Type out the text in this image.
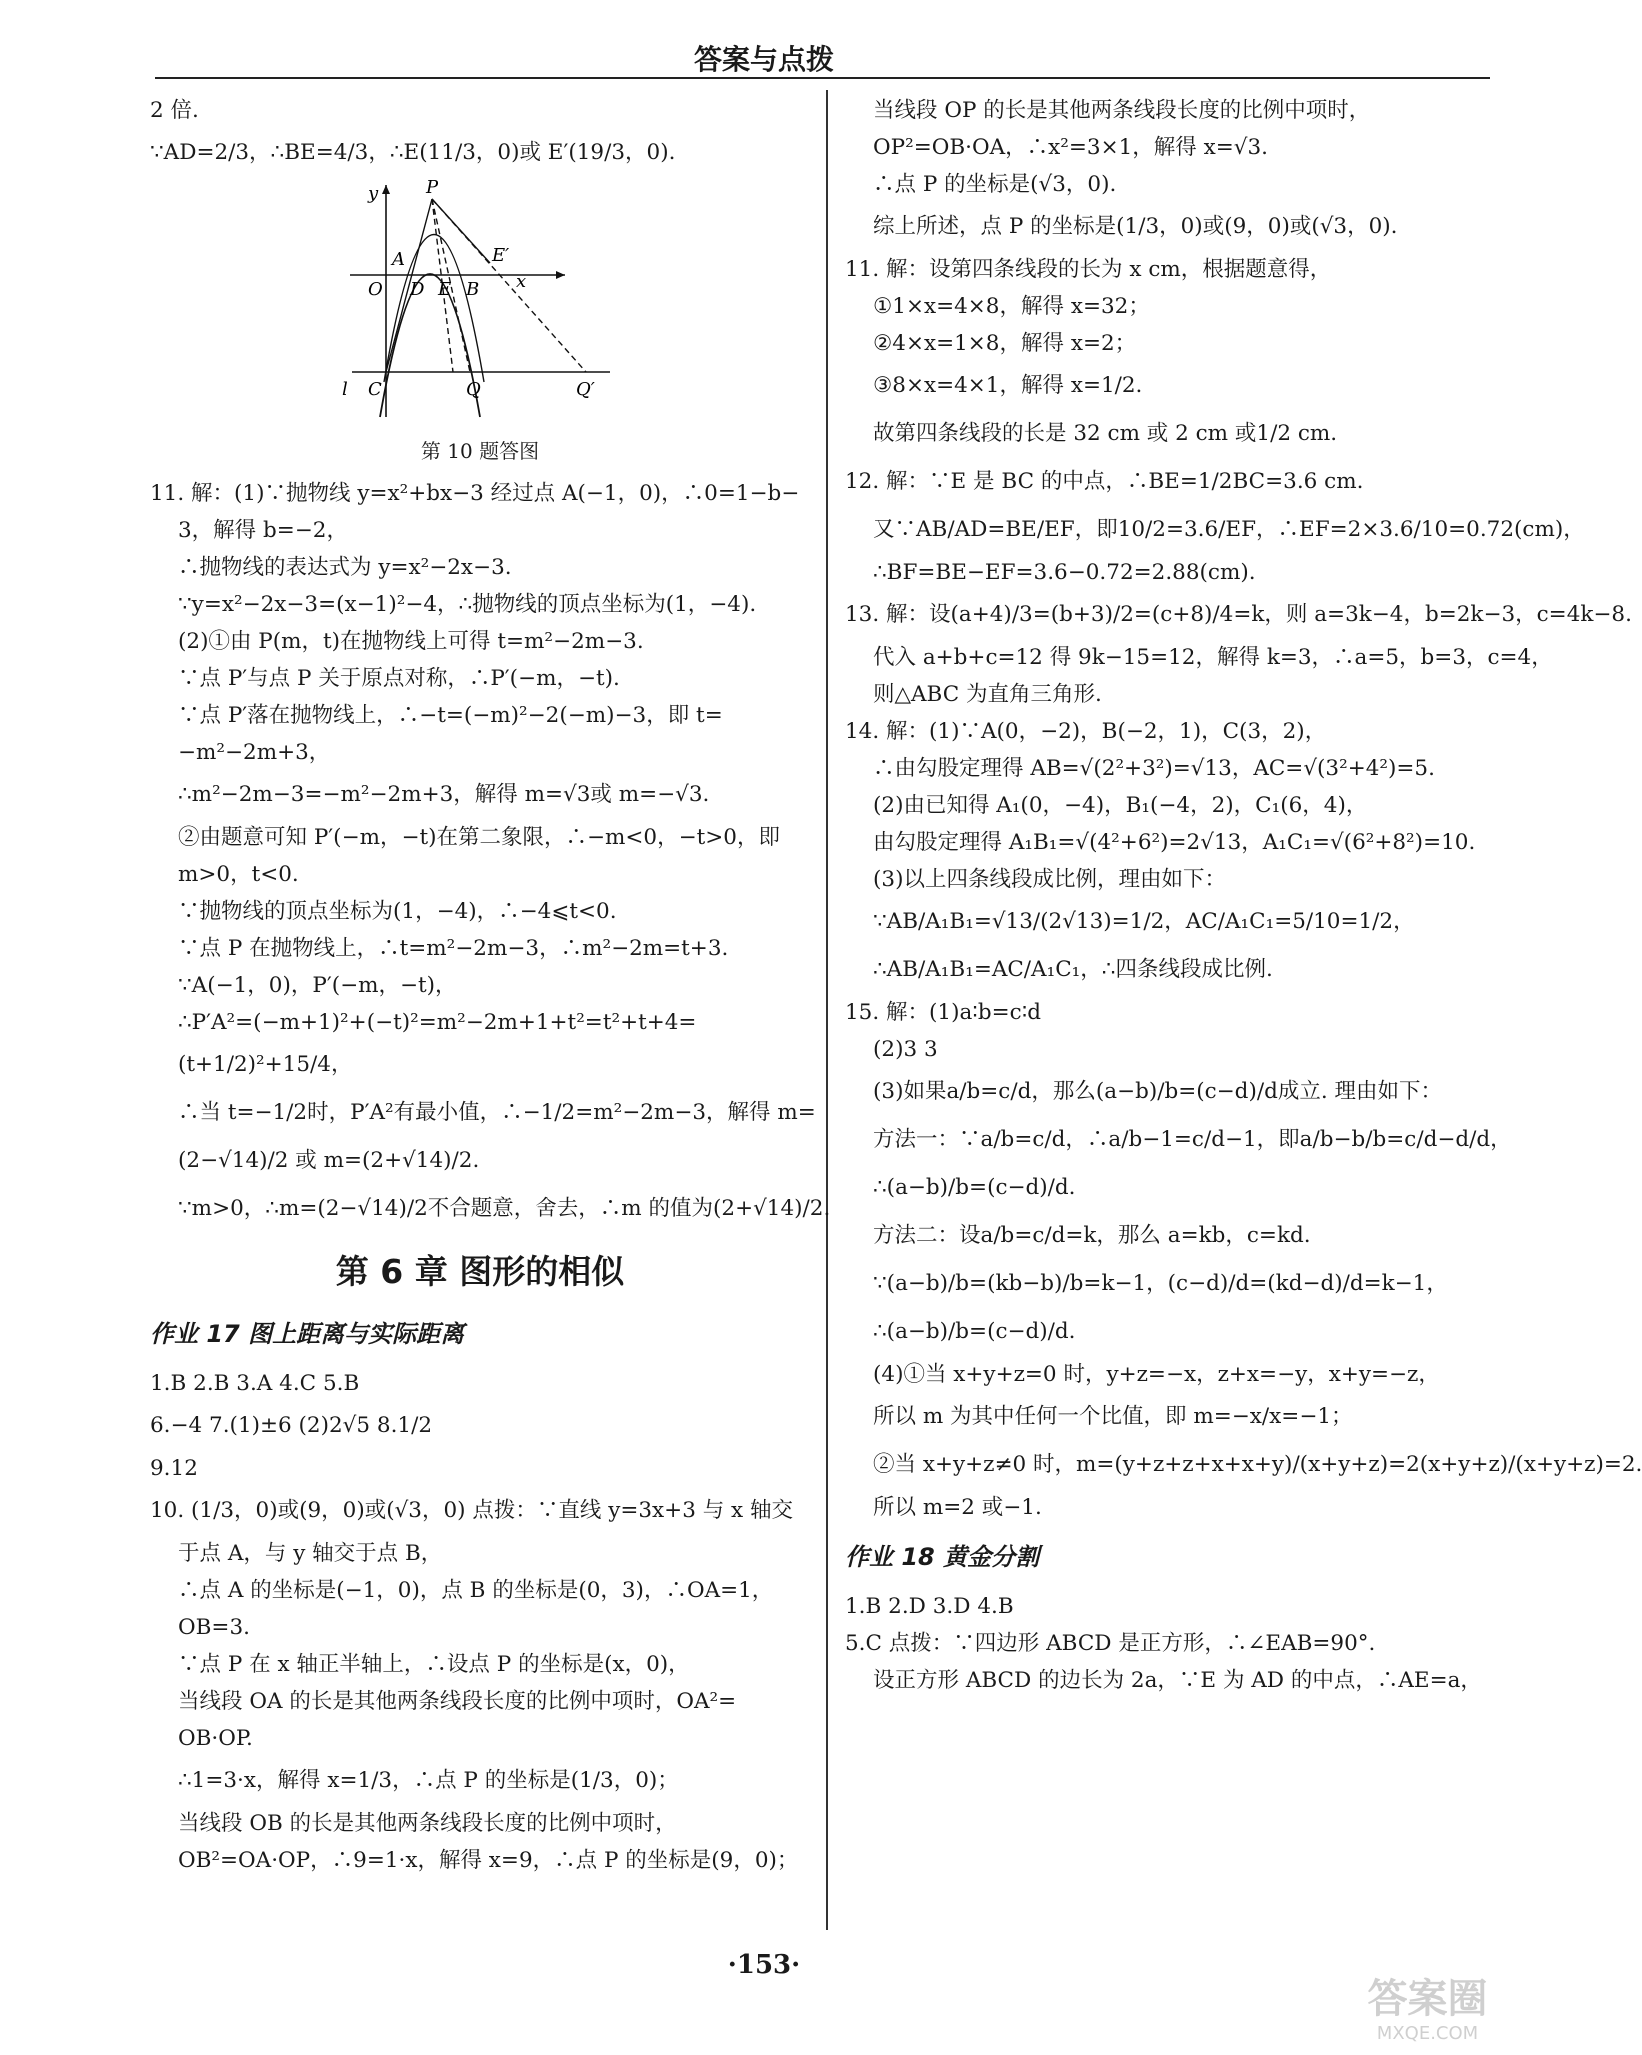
答案与点拨
2 倍.
∵AD=2/3，∴BE=4/3，∴E(11/3，0)或 E′(19/3，0).
y	P
A	E′
O D E B x
l C	Q	Q′
第 10 题答图
11. 解：(1)∵抛物线 y=x²+bx−3 经过点 A(−1，0)，∴0=1−b−
3，解得 b=−2，
∴抛物线的表达式为 y=x²−2x−3.
∵y=x²−2x−3=(x−1)²−4，∴抛物线的顶点坐标为(1，−4).
(2)①由 P(m，t)在抛物线上可得 t=m²−2m−3.
∵点 P′与点 P 关于原点对称，∴P′(−m，−t).
∵点 P′落在抛物线上，∴−t=(−m)²−2(−m)−3，即 t=
−m²−2m+3，
∴m²−2m−3=−m²−2m+3，解得 m=√3或 m=−√3.
②由题意可知 P′(−m，−t)在第二象限，∴−m<0，−t>0，即
m>0，t<0.
∵抛物线的顶点坐标为(1，−4)，∴−4⩽t<0.
∵点 P 在抛物线上，∴t=m²−2m−3，∴m²−2m=t+3.
∵A(−1，0)，P′(−m，−t)，
∴P′A²=(−m+1)²+(−t)²=m²−2m+1+t²=t²+t+4=
(t+1/2)²+15/4，
∴当 t=−1/2时，P′A²有最小值，∴−1/2=m²−2m−3，解得 m=
(2−√14)/2 或 m=(2+√14)/2.
∵m>0，∴m=(2−√14)/2不合题意，舍去，∴m 的值为(2+√14)/2.
第 6 章 图形的相似
作业 17 图上距离与实际距离
1.B 2.B 3.A 4.C 5.B
6.−4 7.(1)±6 (2)2√5 8.1/2
9.12
10. (1/3，0)或(9，0)或(√3，0) 点拨：∵直线 y=3x+3 与 x 轴交
于点 A，与 y 轴交于点 B，
∴点 A 的坐标是(−1，0)，点 B 的坐标是(0，3)，∴OA=1，
OB=3.
∵点 P 在 x 轴正半轴上，∴设点 P 的坐标是(x，0)，
当线段 OA 的长是其他两条线段长度的比例中项时，OA²=
OB·OP.
∴1=3·x，解得 x=1/3，∴点 P 的坐标是(1/3，0)；
当线段 OB 的长是其他两条线段长度的比例中项时，
OB²=OA·OP，∴9=1·x，解得 x=9，∴点 P 的坐标是(9，0)；
当线段 OP 的长是其他两条线段长度的比例中项时，
OP²=OB·OA，∴x²=3×1，解得 x=√3.
∴点 P 的坐标是(√3，0).
综上所述，点 P 的坐标是(1/3，0)或(9，0)或(√3，0).
11. 解：设第四条线段的长为 x cm，根据题意得，
①1×x=4×8，解得 x=32；
②4×x=1×8，解得 x=2；
③8×x=4×1，解得 x=1/2.
故第四条线段的长是 32 cm 或 2 cm 或1/2 cm.
12. 解：∵E 是 BC 的中点，∴BE=1/2BC=3.6 cm.
又∵AB/AD=BE/EF，即10/2=3.6/EF，∴EF=2×3.6/10=0.72(cm)，
∴BF=BE−EF=3.6−0.72=2.88(cm).
13. 解：设(a+4)/3=(b+3)/2=(c+8)/4=k，则 a=3k−4，b=2k−3，c=4k−8.
代入 a+b+c=12 得 9k−15=12，解得 k=3，∴a=5，b=3，c=4，
则△ABC 为直角三角形.
14. 解：(1)∵A(0，−2)，B(−2，1)，C(3，2)，
∴由勾股定理得 AB=√(2²+3²)=√13，AC=√(3²+4²)=5.
(2)由已知得 A₁(0，−4)，B₁(−4，2)，C₁(6，4)，
由勾股定理得 A₁B₁=√(4²+6²)=2√13，A₁C₁=√(6²+8²)=10.
(3)以上四条线段成比例，理由如下：
∵AB/A₁B₁=√13/(2√13)=1/2，AC/A₁C₁=5/10=1/2，
∴AB/A₁B₁=AC/A₁C₁，∴四条线段成比例.
15. 解：(1)a∶b=c∶d
(2)3 3
(3)如果a/b=c/d，那么(a−b)/b=(c−d)/d成立. 理由如下：
方法一：∵a/b=c/d，∴a/b−1=c/d−1，即a/b−b/b=c/d−d/d，
∴(a−b)/b=(c−d)/d.
方法二：设a/b=c/d=k，那么 a=kb，c=kd.
∵(a−b)/b=(kb−b)/b=k−1，(c−d)/d=(kd−d)/d=k−1，
∴(a−b)/b=(c−d)/d.
(4)①当 x+y+z=0 时，y+z=−x，z+x=−y，x+y=−z，
所以 m 为其中任何一个比值，即 m=−x/x=−1；
②当 x+y+z≠0 时，m=(y+z+z+x+x+y)/(x+y+z)=2(x+y+z)/(x+y+z)=2.
所以 m=2 或−1.
作业 18 黄金分割
1.B 2.D 3.D 4.B
5.C 点拨：∵四边形 ABCD 是正方形，∴∠EAB=90°.
设正方形 ABCD 的边长为 2a，∵E 为 AD 的中点，∴AE=a，
·153·
答案圈
MXQE.COM
